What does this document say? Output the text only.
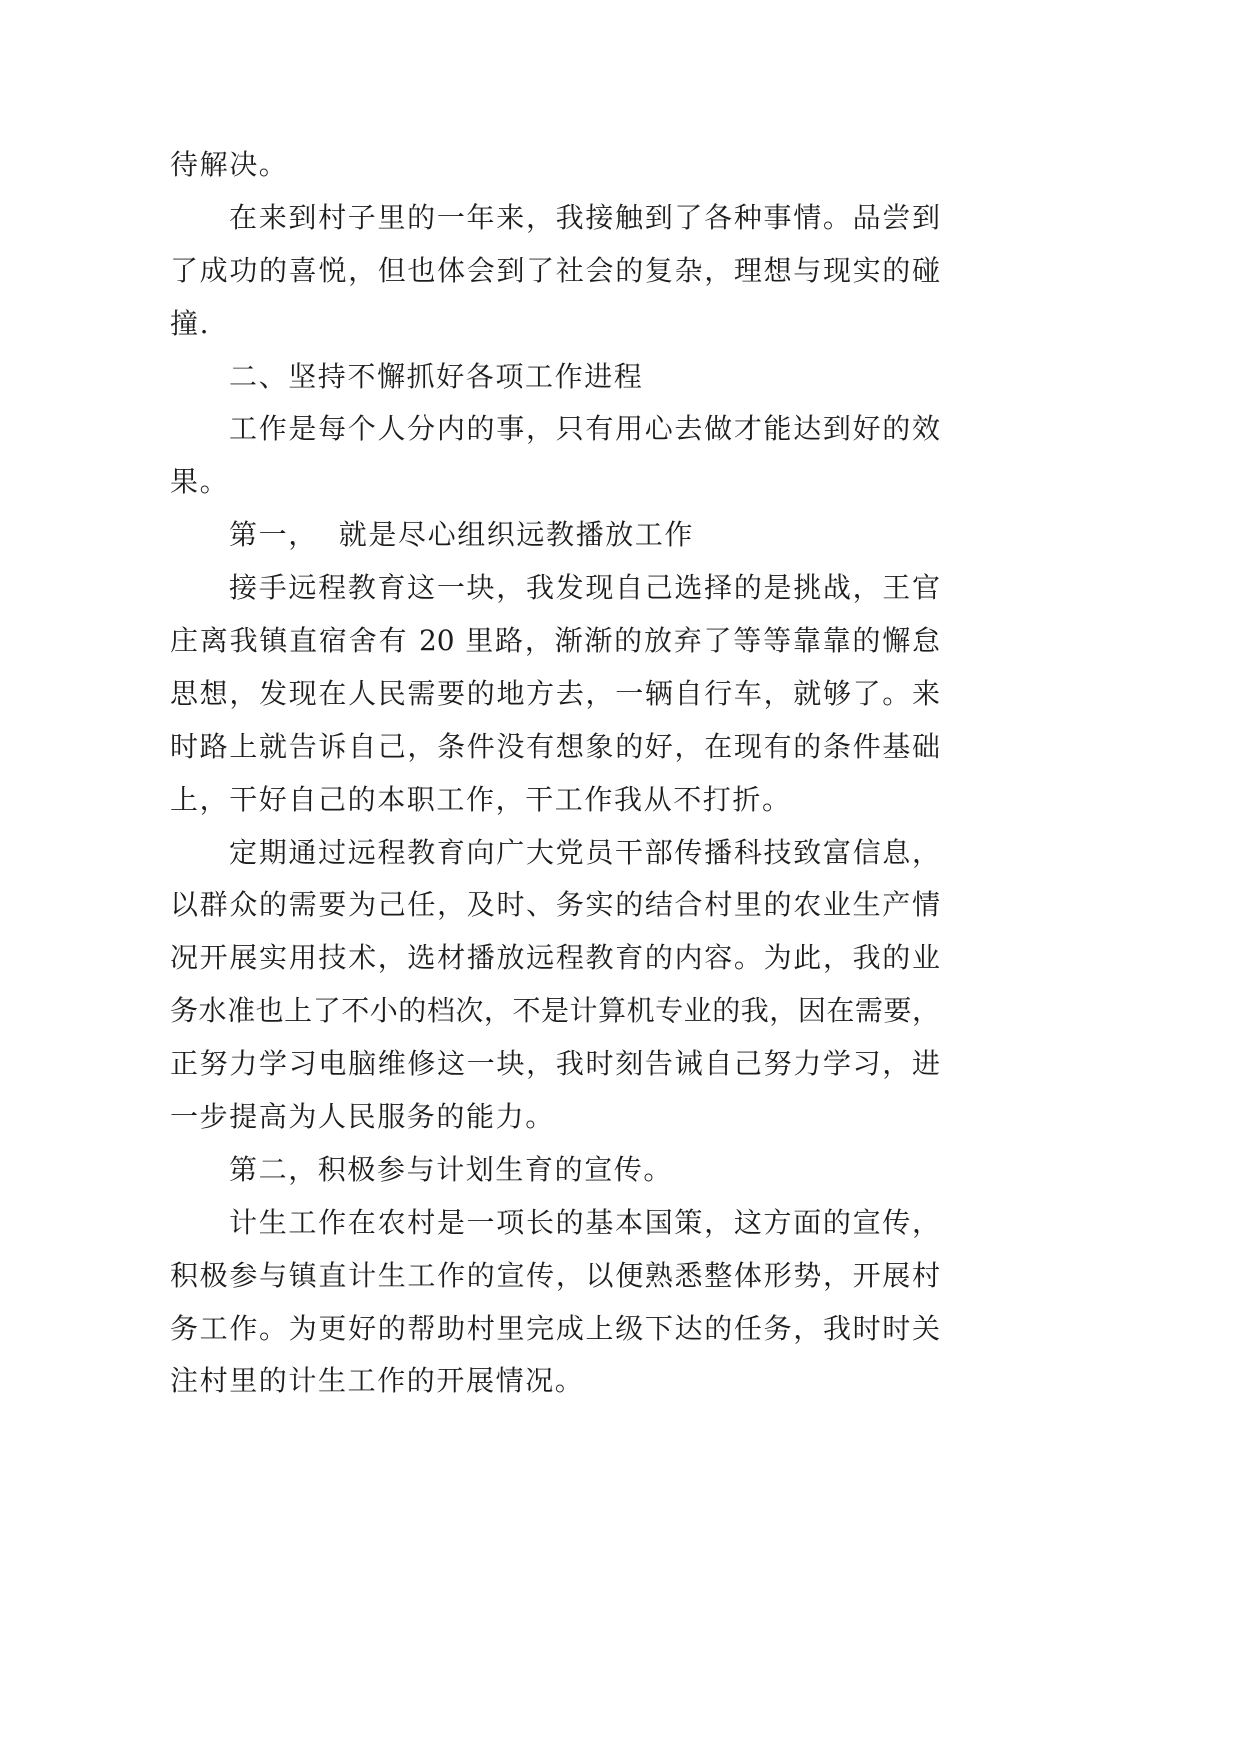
待解决。
在来到村子里的一年来，我接触到了各种事情。品尝到
了成功的喜悦，但也体会到了社会的复杂，理想与现实的碰
撞.
二、坚持不懈抓好各项工作进程
工作是每个人分内的事，只有用心去做才能达到好的效
果。
第一，  就是尽心组织远教播放工作
接手远程教育这一块，我发现自己选择的是挑战，王官
庄离我镇直宿舍有 20 里路，渐渐的放弃了等等靠靠的懈怠
思想，发现在人民需要的地方去，一辆自行车，就够了。来
时路上就告诉自己，条件没有想象的好，在现有的条件基础
上，干好自己的本职工作，干工作我从不打折。
定期通过远程教育向广大党员干部传播科技致富信息，
以群众的需要为己任，及时、务实的结合村里的农业生产情
况开展实用技术，选材播放远程教育的内容。为此，我的业
务水准也上了不小的档次，不是计算机专业的我，因在需要，
正努力学习电脑维修这一块，我时刻告诫自己努力学习，进
一步提高为人民服务的能力。
第二，积极参与计划生育的宣传。
计生工作在农村是一项长的基本国策，这方面的宣传，
积极参与镇直计生工作的宣传，以便熟悉整体形势，开展村
务工作。为更好的帮助村里完成上级下达的任务，我时时关
注村里的计生工作的开展情况。
